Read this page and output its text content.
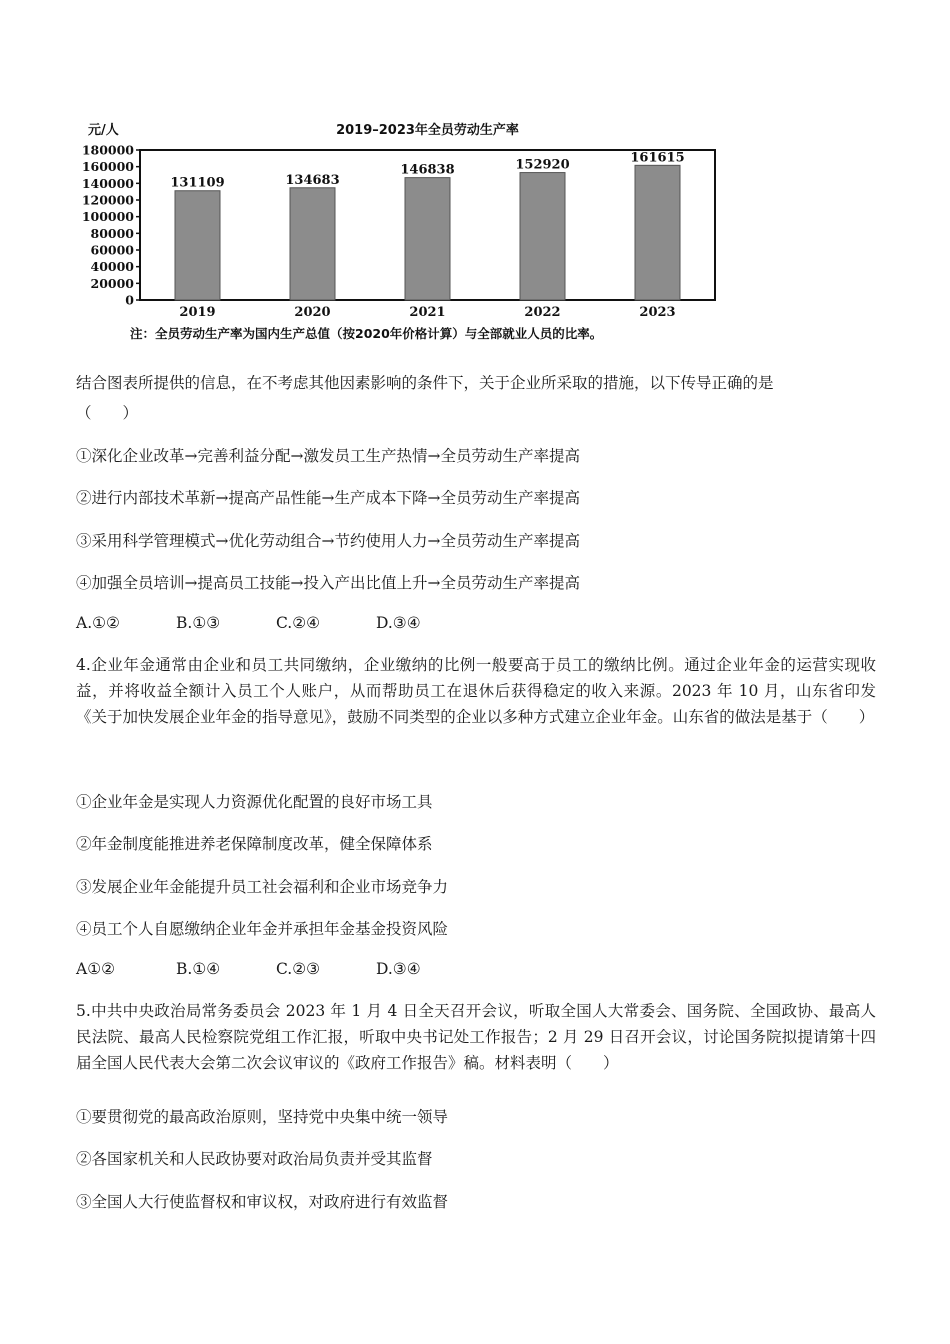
2019–2023年全员劳动生产率
元/人
0
20000
40000
60000
80000
100000
120000
140000
160000
180000
131109
2019
134683
2020
146838
2021
152920
2022
161615
2023
注：全员劳动生产率为国内生产总值（按2020年价格计算）与全部就业人员的比率。
结合图表所提供的信息，在不考虑其他因素影响的条件下，关于企业所采取的措施，以下传导正确的是
（　　）
①深化企业改革→完善利益分配→激发员工生产热情→全员劳动生产率提高
②进行内部技术革新→提高产品性能→生产成本下降→全员劳动生产率提高
③采用科学管理模式→优化劳动组合→节约使用人力→全员劳动生产率提高
④加强全员培训→提高员工技能→投入产出比值上升→全员劳动生产率提高
A.①②	B.①③	C.②④	D.③④
4.企业年金通常由企业和员工共同缴纳，企业缴纳的比例一般要高于员工的缴纳比例。通过企业年金的运营实现收益，并将收益全额计入员工个人账户，从而帮助员工在退休后获得稳定的收入来源。2023 年 10 月，山东省印发《关于加快发展企业年金的指导意见》，鼓励不同类型的企业以多种方式建立企业年金。山东省的做法是基于（　　）
①企业年金是实现人力资源优化配置的良好市场工具
②年金制度能推进养老保障制度改革，健全保障体系
③发展企业年金能提升员工社会福利和企业市场竞争力
④员工个人自愿缴纳企业年金并承担年金基金投资风险
A①②	B.①④	C.②③	D.③④
5.中共中央政治局常务委员会 2023 年 1 月 4 日全天召开会议，听取全国人大常委会、国务院、全国政协、最高人民法院、最高人民检察院党组工作汇报，听取中央书记处工作报告；2 月 29 日召开会议，讨论国务院拟提请第十四届全国人民代表大会第二次会议审议的《政府工作报告》稿。材料表明（　　）
①要贯彻党的最高政治原则，坚持党中央集中统一领导
②各国家机关和人民政协要对政治局负责并受其监督
③全国人大行使监督权和审议权，对政府进行有效监督
